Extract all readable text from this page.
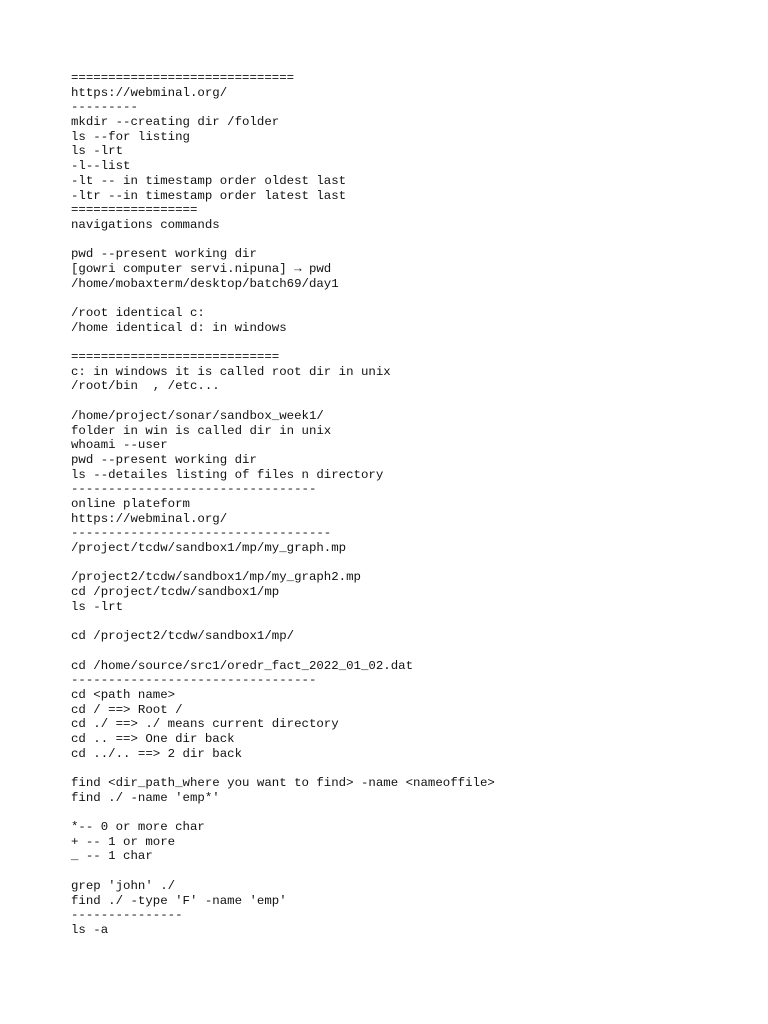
==============================
https://webminal.org/
---------
mkdir --creating dir /folder
ls --for listing
ls -lrt
-l--list
-lt -- in timestamp order oldest last
-ltr --in timestamp order latest last
=================
navigations commands
pwd --present working dir
[gowri computer servi.nipuna] → pwd
/home/mobaxterm/desktop/batch69/day1
/root identical c:
/home identical d: in windows
============================
c: in windows it is called root dir in unix
/root/bin  , /etc...
/home/project/sonar/sandbox_week1/
folder in win is called dir in unix
whoami --user
pwd --present working dir
ls --detailes listing of files n directory
---------------------------------
online plateform
https://webminal.org/
-----------------------------------
/project/tcdw/sandbox1/mp/my_graph.mp
/project2/tcdw/sandbox1/mp/my_graph2.mp
cd /project/tcdw/sandbox1/mp
ls -lrt
cd /project2/tcdw/sandbox1/mp/
cd /home/source/src1/oredr_fact_2022_01_02.dat
---------------------------------
cd <path name>
cd / ==> Root /
cd ./ ==> ./ means current directory
cd .. ==> One dir back
cd ../.. ==> 2 dir back
find <dir_path_where you want to find> -name <nameoffile>
find ./ -name 'emp*'
*-- 0 or more char
+ -- 1 or more
_ -- 1 char
grep 'john' ./
find ./ -type 'F' -name 'emp'
---------------
ls -a
